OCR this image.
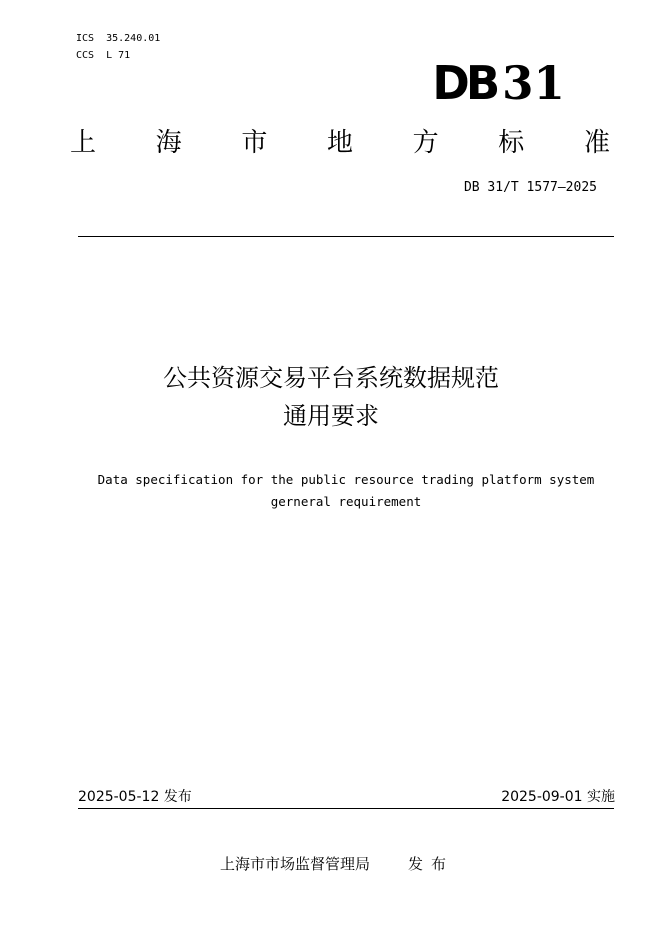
ICS  35.240.01
CCS  L 71
DB 31
上 海 市 地 方 标 准
DB 31/T 1577—2025
公共资源交易平台系统数据规范
通用要求
Data specification for the public resource trading platform system
gerneral requirement
2025-05-12 发布	2025-09-01 实施
上海市市场监督管理局	发布
